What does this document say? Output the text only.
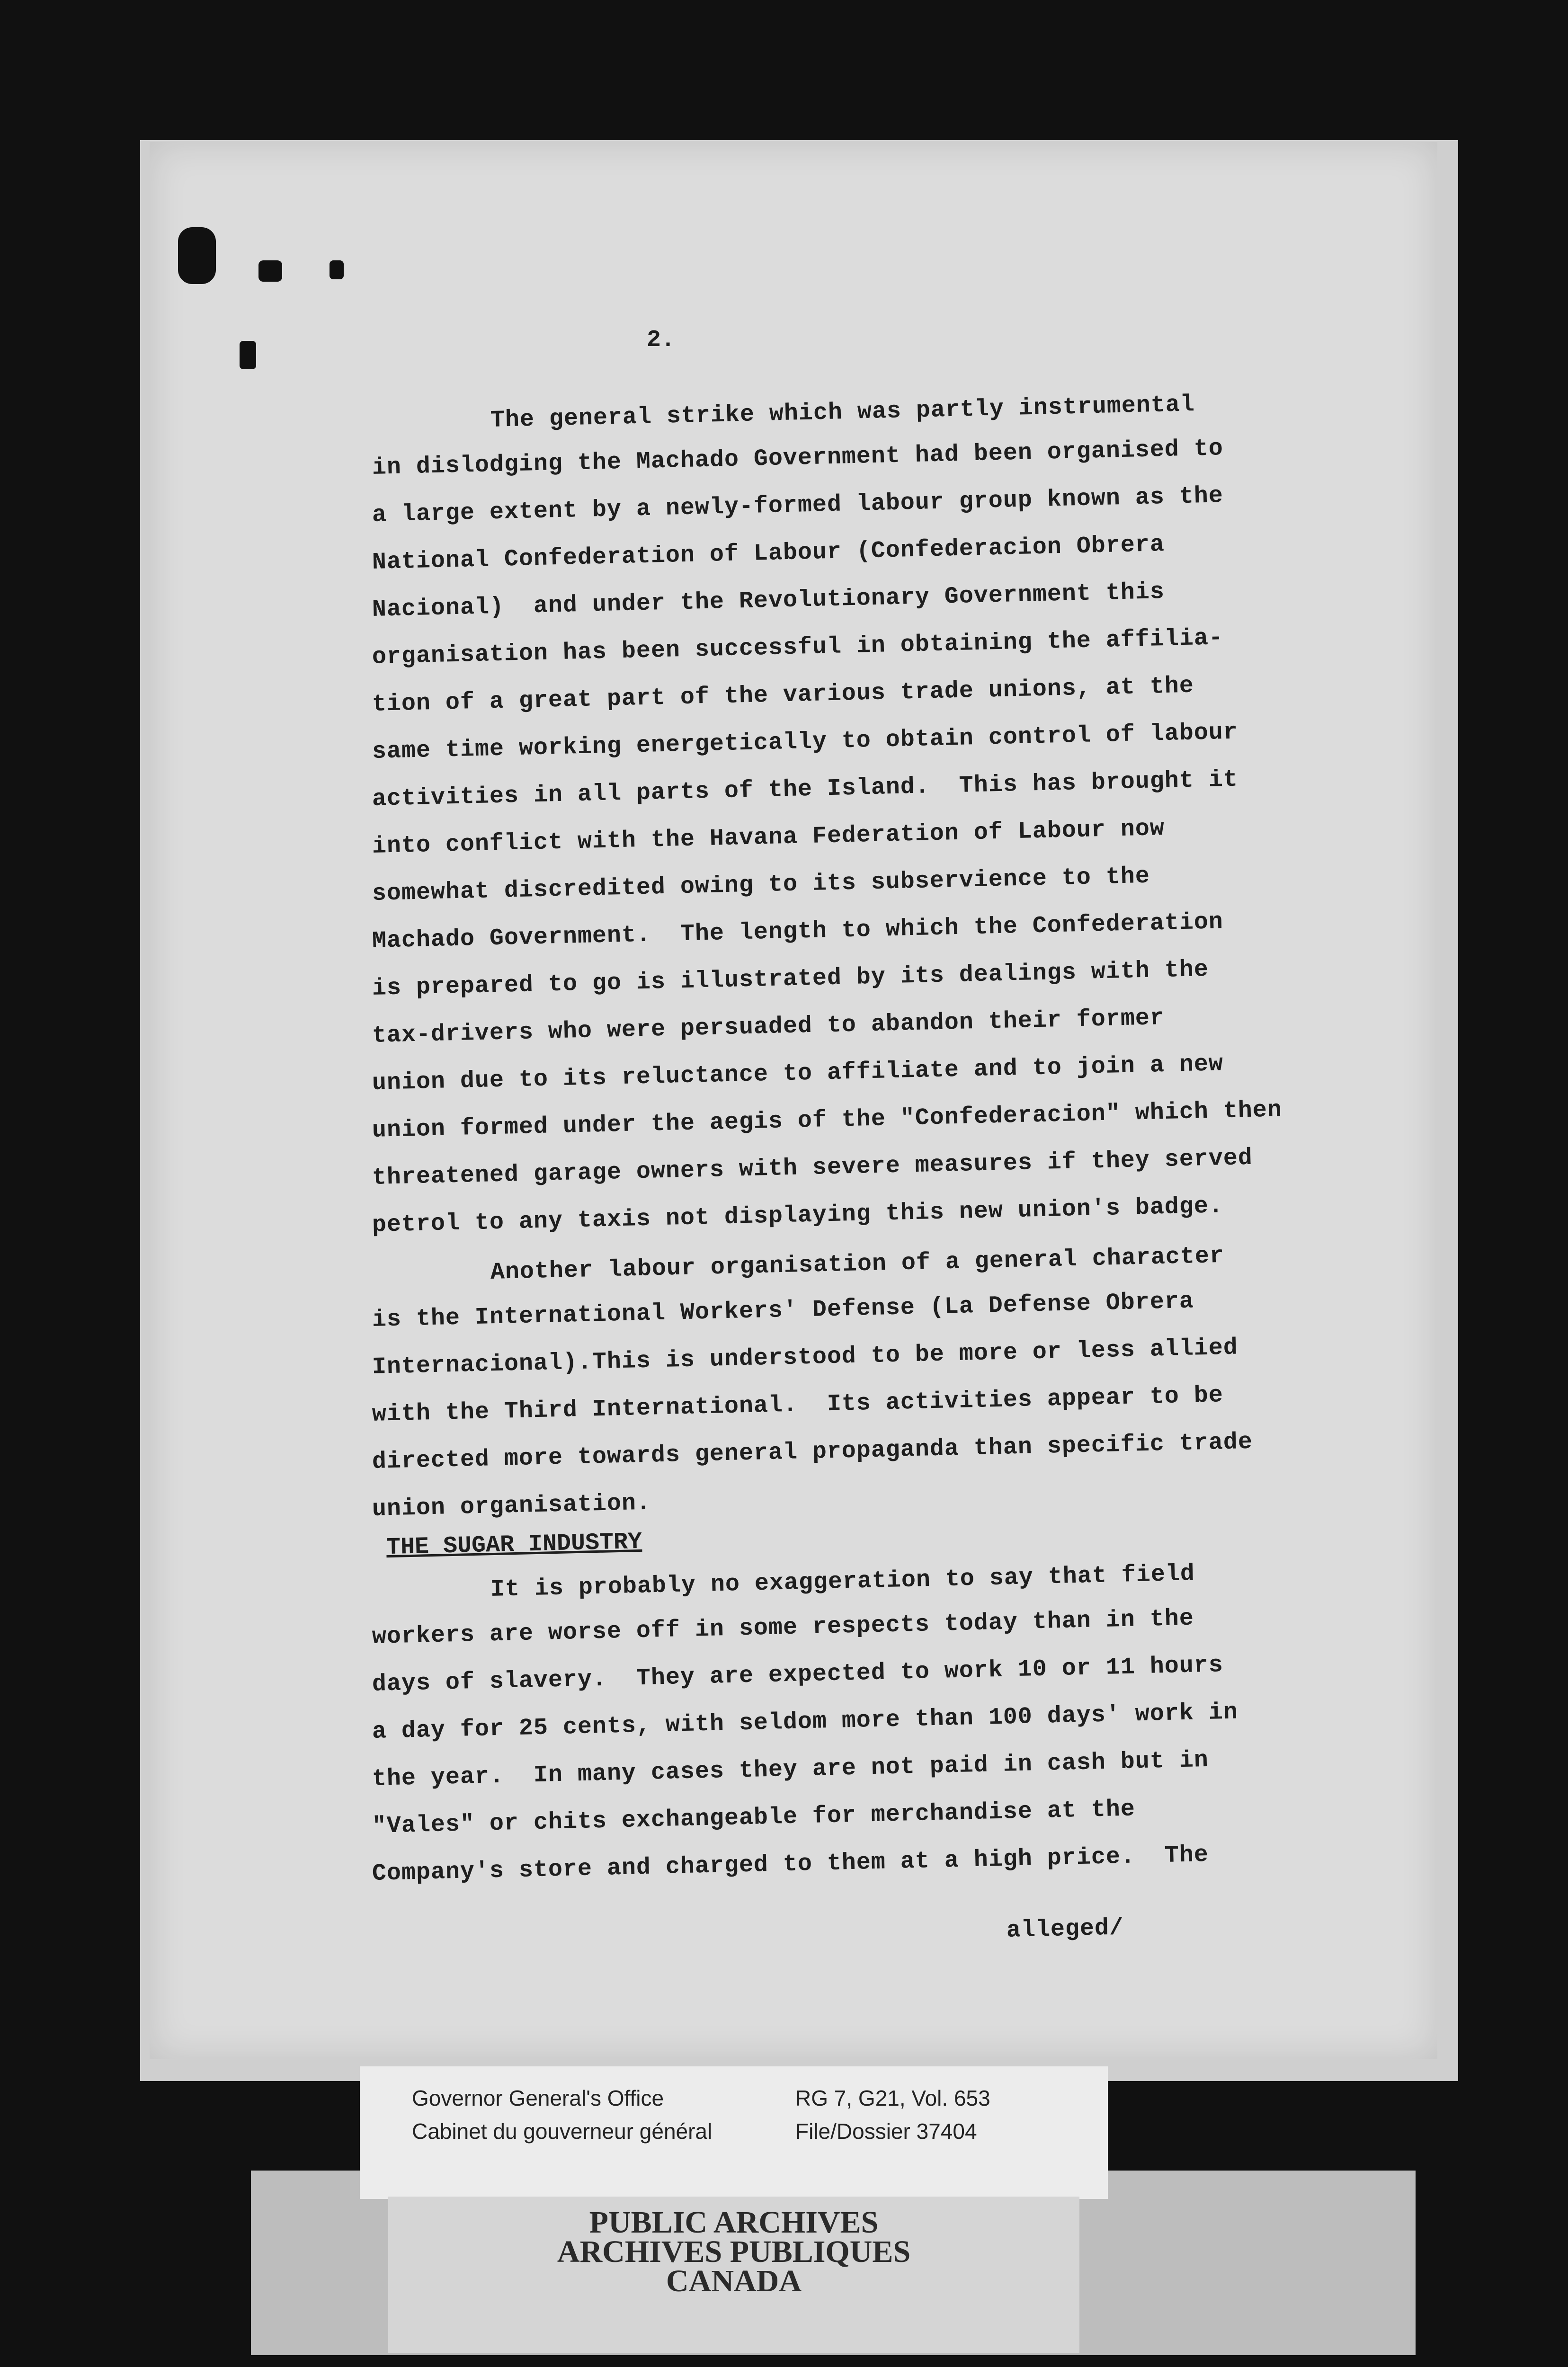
2.
The general strike which was partly instrumental
in dislodging the Machado Government had been organised to
a large extent by a newly-formed labour group known as the
National Confederation of Labour (Confederacion Obrera
Nacional)  and under the Revolutionary Government this
organisation has been successful in obtaining the affilia-
tion of a great part of the various trade unions, at the
same time working energetically to obtain control of labour
activities in all parts of the Island.  This has brought it
into conflict with the Havana Federation of Labour now
somewhat discredited owing to its subservience to the
Machado Government.  The length to which the Confederation
is prepared to go is illustrated by its dealings with the
tax-drivers who were persuaded to abandon their former
union due to its reluctance to affiliate and to join a new
union formed under the aegis of the "Confederacion" which then
threatened garage owners with severe measures if they served
petrol to any taxis not displaying this new union's badge.
Another labour organisation of a general character
is the International Workers' Defense (La Defense Obrera
Internacional).This is understood to be more or less allied
with the Third International.  Its activities appear to be
directed more towards general propaganda than specific trade
union organisation.
THE SUGAR INDUSTRY
It is probably no exaggeration to say that field
workers are worse off in some respects today than in the
days of slavery.  They are expected to work 10 or 11 hours
a day for 25 cents, with seldom more than 100 days' work in
the year.  In many cases they are not paid in cash but in
"Vales" or chits exchangeable for merchandise at the
Company's store and charged to them at a high price.  The
alleged/
Governor General's Office
Cabinet du gouverneur général
RG 7, G21, Vol. 653
File/Dossier 37404
PUBLIC ARCHIVES
ARCHIVES PUBLIQUES
CANADA
